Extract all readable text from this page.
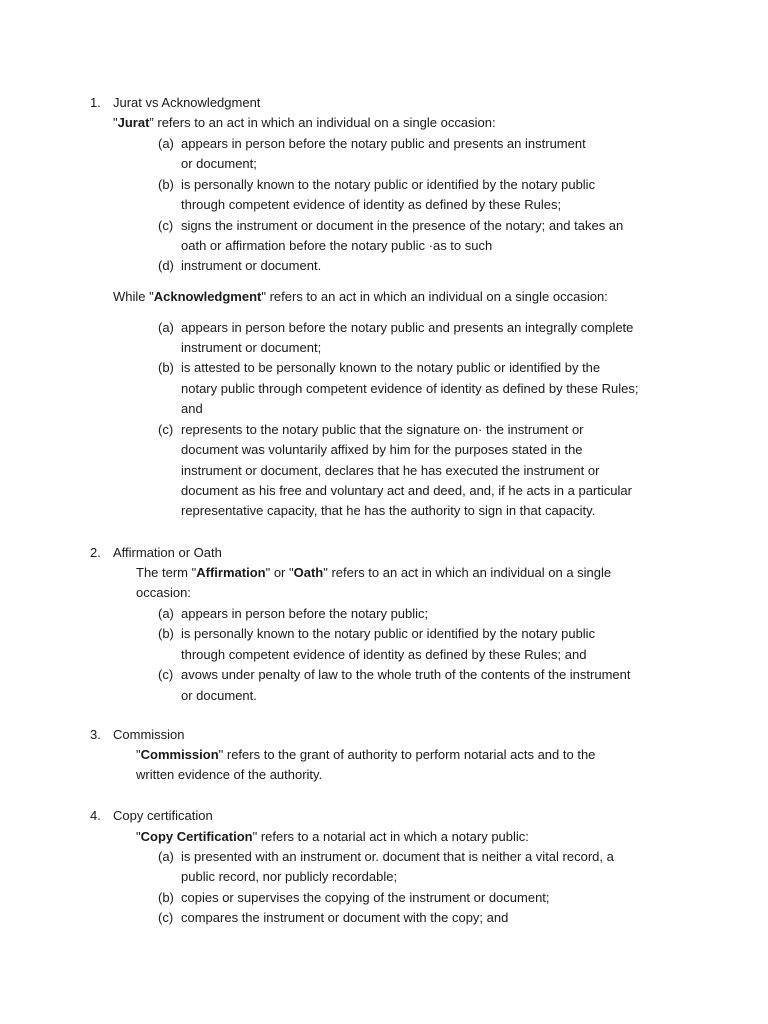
1. Jurat vs Acknowledgment
"Jurat” refers to an act in which an individual on a single occasion:
(a) appears in person before the notary public and presents an instrument
or document;
(b) is personally known to the notary public or identified by the notary public
through competent evidence of identity as defined by these Rules;
(c) signs the instrument or document in the presence of the notary; and takes an
oath or affirmation before the notary public ·as to such
(d) instrument or document.
While "Acknowledgment" refers to an act in which an individual on a single occasion:
(a) appears in person before the notary public and presents an integrally complete
instrument or document;
(b) is attested to be personally known to the notary public or identified by the
notary public through competent evidence of identity as defined by these Rules;
and
(c) represents to the notary public that the signature on· the instrument or
document was voluntarily affixed by him for the purposes stated in the
instrument or document, declares that he has executed the instrument or
document as his free and voluntary act and deed, and, if he acts in a particular
representative capacity, that he has the authority to sign in that capacity.
2. Affirmation or Oath
The term "Affirmation" or "Oath" refers to an act in which an individual on a single
occasion:
(a) appears in person before the notary public;
(b) is personally known to the notary public or identified by the notary public
through competent evidence of identity as defined by these Rules; and
(c) avows under penalty of law to the whole truth of the contents of the instrument
or document.
3. Commission
"Commission" refers to the grant of authority to perform notarial acts and to the
written evidence of the authority.
4. Copy certification
"Copy Certification" refers to a notarial act in which a notary public:
(a) is presented with an instrument or. document that is neither a vital record, a
public record, nor publicly recordable;
(b) copies or supervises the copying of the instrument or document;
(c) compares the instrument or document with the copy; and
